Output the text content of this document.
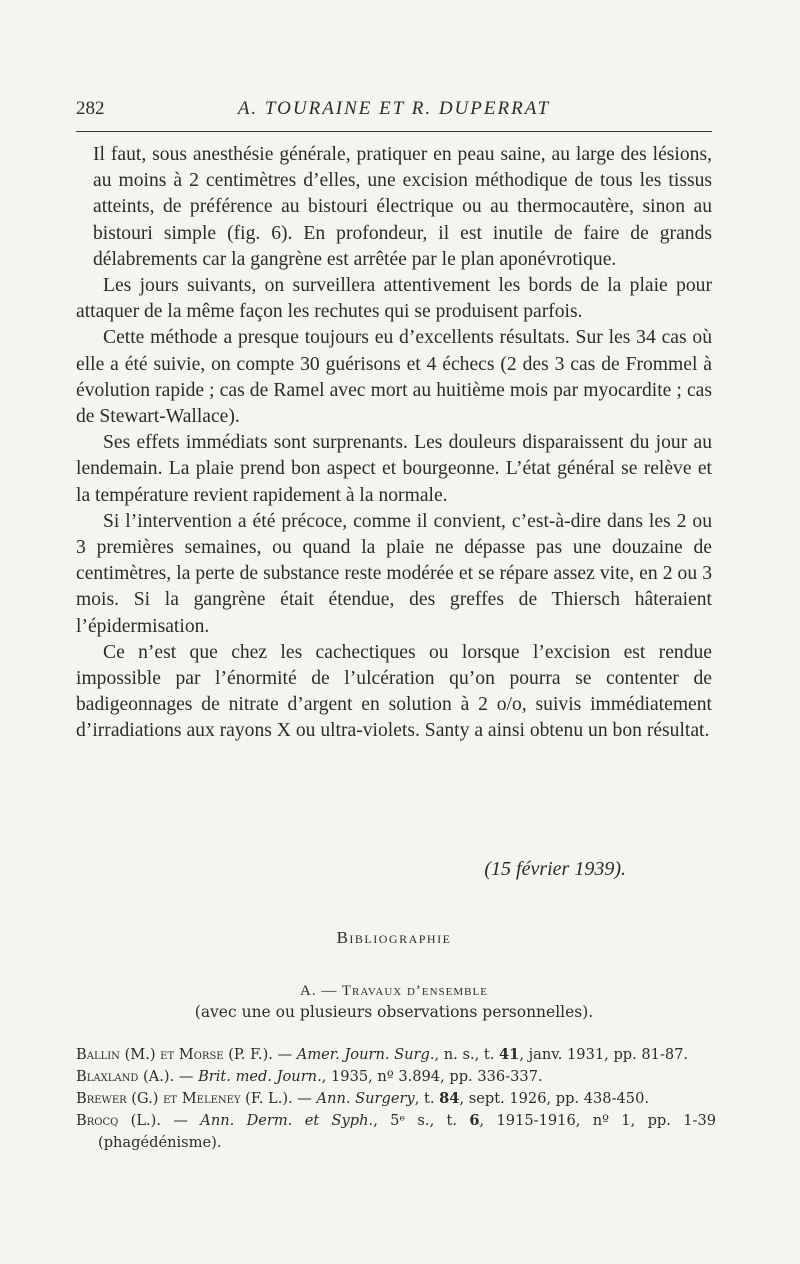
282	A. TOURAINE ET R. DUPERRAT

Il faut, sous anesthésie générale, pratiquer en peau saine, au large des lésions, au moins à 2 centimètres d’elles, une excision méthodique de tous les tissus atteints, de préférence au bistouri électrique ou au thermocautère, sinon au bistouri simple (fig. 6). En profondeur, il est inutile de faire de grands délabrements car la gangrène est arrêtée par le plan aponévrotique.

Les jours suivants, on surveillera attentivement les bords de la plaie pour attaquer de la même façon les rechutes qui se produisent parfois.

Cette méthode a presque toujours eu d’excellents résultats. Sur les 34 cas où elle a été suivie, on compte 30 guérisons et 4 échecs (2 des 3 cas de Frommel à évolution rapide ; cas de Ramel avec mort au huitième mois par myocardite ; cas de Stewart-Wallace).

Ses effets immédiats sont surprenants. Les douleurs disparaissent du jour au lendemain. La plaie prend bon aspect et bourgeonne. L’état général se relève et la température revient rapidement à la normale.

Si l’intervention a été précoce, comme il convient, c’est-à-dire dans les 2 ou 3 premières semaines, ou quand la plaie ne dépasse pas une douzaine de centimètres, la perte de substance reste modérée et se répare assez vite, en 2 ou 3 mois. Si la gangrène était étendue, des greffes de Thiersch hâteraient l’épidermisation.

Ce n’est que chez les cachectiques ou lorsque l’excision est rendue impossible par l’énormité de l’ulcération qu’on pourra se contenter de badigeonnages de nitrate d’argent en solution à 2 o/o, suivis immédiatement d’irradiations aux rayons X ou ultra-violets. Santy a ainsi obtenu un bon résultat.

(15 février 1939).
Bibliographie
A. — Travaux d’ensemble
(avec une ou plusieurs observations personnelles).

Ballin (M.) et Morse (P. F.). — Amer. Journ. Surg., n. s., t. 41, janv. 1931, pp. 81-87.

Blaxland (A.). — Brit. med. Journ., 1935, nº 3.894, pp. 336-337.

Brewer (G.) et Meleney (F. L.). — Ann. Surgery, t. 84, sept. 1926, pp. 438-450.

Brocq (L.). — Ann. Derm. et Syph., 5ᵉ s., t. 6, 1915-1916, nº 1, pp. 1-39 (phagédénisme).
